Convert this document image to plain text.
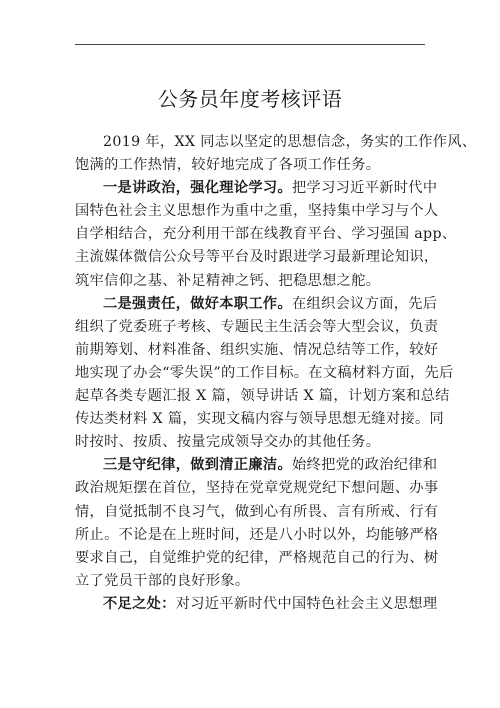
公务员年度考核评语
2019 年，XX 同志以坚定的思想信念，务实的工作作风、
饱满的工作热情，较好地完成了各项工作任务。
一是讲政治，强化理论学习。把学习习近平新时代中
国特色社会主义思想作为重中之重，坚持集中学习与个人
自学相结合，充分利用干部在线教育平台、学习强国 app、
主流媒体微信公众号等平台及时跟进学习最新理论知识，
筑牢信仰之基、补足精神之钙、把稳思想之舵。
二是强责任，做好本职工作。在组织会议方面，先后
组织了党委班子考核、专题民主生活会等大型会议，负责
前期筹划、材料准备、组织实施、情况总结等工作，较好
地实现了办会“零失误”的工作目标。在文稿材料方面，先后
起草各类专题汇报 X 篇，领导讲话 X 篇，计划方案和总结
传达类材料 X 篇，实现文稿内容与领导思想无缝对接。同
时按时、按质、按量完成领导交办的其他任务。
三是守纪律，做到清正廉洁。始终把党的政治纪律和
政治规矩摆在首位，坚持在党章党规党纪下想问题、办事
情，自觉抵制不良习气，做到心有所畏、言有所戒、行有
所止。不论是在上班时间，还是八小时以外，均能够严格
要求自己，自觉维护党的纪律，严格规范自己的行为、树
立了党员干部的良好形象。
不足之处：对习近平新时代中国特色社会主义思想理
